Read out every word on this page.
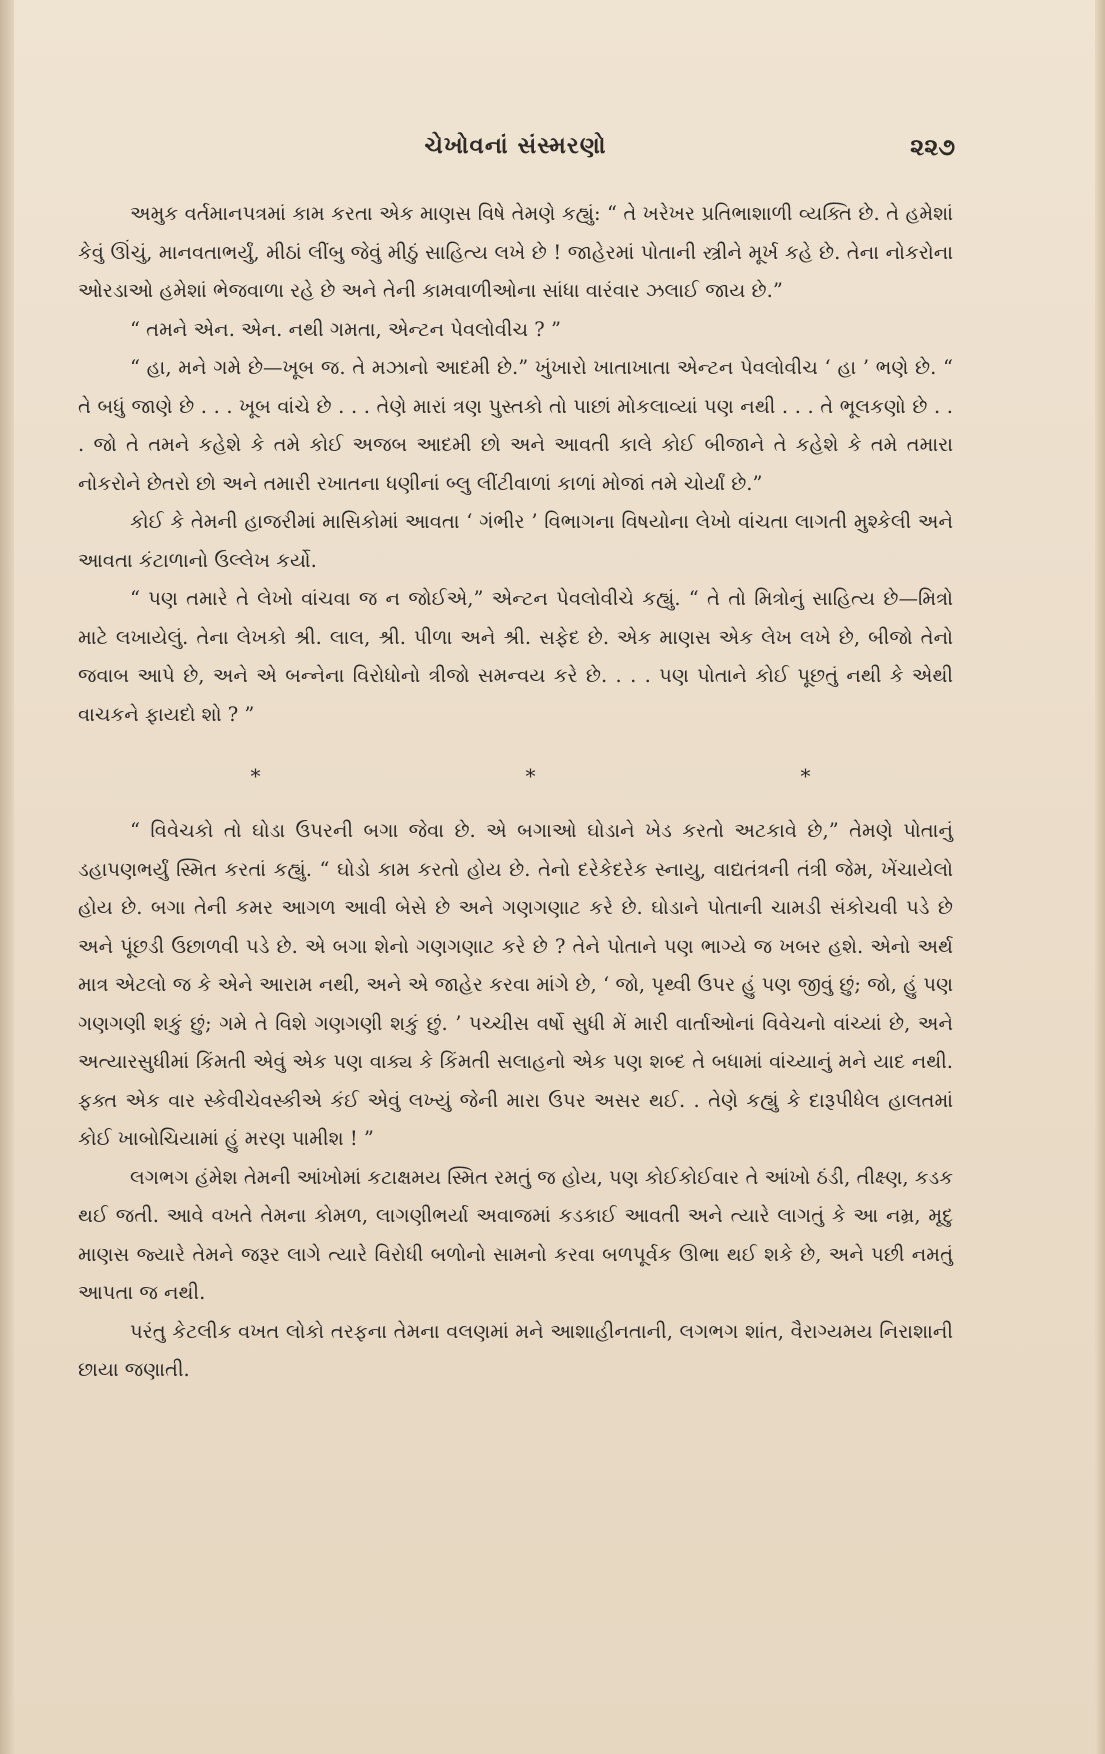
ચેખોવનાં સંસ્મરણો	૨૨૭

અમુક વર્તમાનપત્રમાં કામ કરતા એક માણસ વિષે તેમણે કહ્યું: “ તે ખરેખર પ્રતિભાશાળી વ્યક્તિ છે. તે હમેશાં કેવું ઊંચું, માનવતાભર્યું, મીઠાં લીંબુ જેવું મીઠું સાહિત્ય લખે છે ! જાહેરમાં પોતાની સ્ત્રીને મૂર્ખ કહે છે. તેના નોકરોના ઓરડાઓ હમેશાં ભેજવાળા રહે છે અને તેની કામવાળીઓના સાંધા વારંવાર ઝલાઈ જાય છે.”

“ તમને એન. એન. નથી ગમતા, એન્ટન પેવલોવીચ ? ”

“ હા, મને ગમે છે—ખૂબ જ. તે મઝાનો આદમી છે.” ખુંખારો ખાતાખાતા એન્ટન પેવલોવીચ ‘ હા ’ ભણે છે. “ તે બધું જાણે છે . . . ખૂબ વાંચે છે . . . તેણે મારાં ત્રણ પુસ્તકો તો પાછાં મોકલાવ્યાં પણ નથી . . . તે ભૂલકણો છે . . . જો તે તમને કહેશે કે તમે કોઈ અજબ આદમી છો અને આવતી કાલે કોઈ બીજાને તે કહેશે કે તમે તમારા નોકરોને છેતરો છો અને તમારી રખાતના ધણીનાં બ્લુ લીંટીવાળાં કાળાં મોજાં તમે ચોર્યાં છે.”

કોઈ કે તેમની હાજરીમાં માસિકોમાં આવતા ‘ ગંભીર ’ વિભાગના વિષયોના લેખો વાંચતા લાગતી મુશ્કેલી અને આવતા કંટાળાનો ઉલ્લેખ કર્યો.

“ પણ તમારે તે લેખો વાંચવા જ ન જોઈએ,” એન્ટન પેવલોવીચે કહ્યું. “ તે તો મિત્રોનું સાહિત્ય છે—મિત્રો માટે લખાયેલું. તેના લેખકો શ્રી. લાલ, શ્રી. પીળા અને શ્રી. સફેદ છે. એક માણસ એક લેખ લખે છે, બીજો તેનો જવાબ આપે છે, અને એ બન્નેના વિરોધોનો ત્રીજો સમન્વય કરે છે. . . . પણ પોતાને કોઈ પૂછતું નથી કે એથી વાચકને ફાયદો શો ? ”

*	*	*

“ વિવેચકો તો ઘોડા ઉપરની બગા જેવા છે. એ બગાઓ ઘોડાને ખેડ કરતો અટકાવે છે,” તેમણે પોતાનું ડહાપણભર્યું સ્મિત કરતાં કહ્યું. “ ઘોડો કામ કરતો હોય છે. તેનો દરેકેદરેક સ્નાયુ, વાદ્યતંત્રની તંત્રી જેમ, ખેંચાયેલો હોય છે. બગા તેની કમર આગળ આવી બેસે છે અને ગણગણાટ કરે છે. ઘોડાને પોતાની ચામડી સંકોચવી પડે છે અને પૂંછડી ઉછાળવી પડે છે. એ બગા શેનો ગણગણાટ કરે છે ? તેને પોતાને પણ ભાગ્યે જ ખબર હશે. એનો અર્થ માત્ર એટલો જ કે એને આરામ નથી, અને એ જાહેર કરવા માંગે છે, ‘ જો, પૃથ્વી ઉપર હું પણ જીવું છું; જો, હું પણ ગણગણી શકું છું; ગમે તે વિશે ગણગણી શકું છું. ’ પચ્ચીસ વર્ષો સુધી મેં મારી વાર્તાઓનાં વિવેચનો વાંચ્યાં છે, અને અત્યારસુધીમાં કિંમતી એવું એક પણ વાક્ય કે કિંમતી સલાહનો એક પણ શબ્દ તે બધામાં વાંચ્યાનું મને યાદ નથી. ફક્ત એક વાર સ્કેવીચેવસ્કીએ કંઈ એવું લખ્યું જેની મારા ઉપર અસર થઈ. . તેણે કહ્યું કે દારૂપીધેલ હાલતમાં કોઈ ખાબોચિયામાં હું મરણ પામીશ ! ”

લગભગ હંમેશ તેમની આંખોમાં કટાક્ષમય સ્મિત રમતું જ હોય, પણ કોઈકોઈવાર તે આંખો ઠંડી, તીક્ષ્ણ, કડક થઈ જતી. આવે વખતે તેમના કોમળ, લાગણીભર્યા અવાજમાં કડકાઈ આવતી અને ત્યારે લાગતું કે આ નમ્ર, મૃદુ માણસ જ્યારે તેમને જરૂર લાગે ત્યારે વિરોધી બળોનો સામનો કરવા બળપૂર્વક ઊભા થઈ શકે છે, અને પછી નમતું આપતા જ નથી.

પરંતુ કેટલીક વખત લોકો તરફના તેમના વલણમાં મને આશાહીનતાની, લગભગ શાંત, વૈરાગ્યમય નિરાશાની છાયા જણાતી.
